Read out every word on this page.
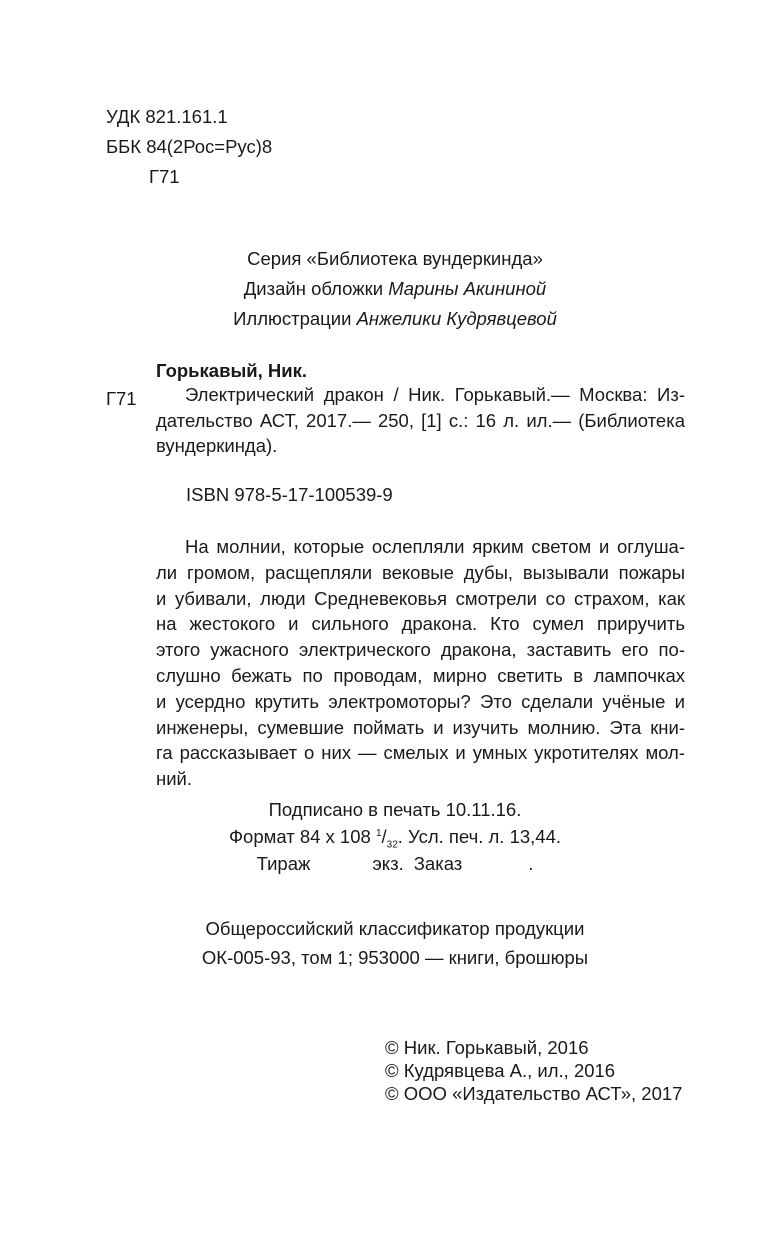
УДК 821.161.1
ББК 84(2Рос=Рус)8
Г71
Серия «Библиотека вундеркинда»
Дизайн обложки Марины Акининой
Иллюстрации Анжелики Кудрявцевой
Горькавый, Ник.
Г71	Электрический дракон / Ник. Горькавый.— Москва: Из-
дательство АСТ, 2017.— 250, [1] с.: 16 л. ил.— (Библиотека
вундеркинда).
ISBN 978-5-17-100539-9
На молнии, которые ослепляли ярким светом и оглуша-
ли громом, расщепляли вековые дубы, вызывали пожары
и убивали, люди Средневековья смотрели со страхом, как
на жестокого и сильного дракона. Кто сумел приручить
этого ужасного электрического дракона, заставить его по-
слушно бежать по проводам, мирно светить в лампочках
и усердно крутить электромоторы? Это сделали учёные и
инженеры, сумевшие поймать и изучить молнию. Эта кни-
га рассказывает о них — смелых и умных укротителях мол-
ний.
Подписано в печать 10.11.16.
Формат 84 х 108 $^1/_{32}$. Усл. печ. л. 13,44.
Тираж	экз. Заказ	.
Общероссийский классификатор продукции
ОК-005-93, том 1; 953000 — книги, брошюры
© Ник. Горькавый, 2016
© Кудрявцева А., ил., 2016
© ООО «Издательство АСТ», 2017
